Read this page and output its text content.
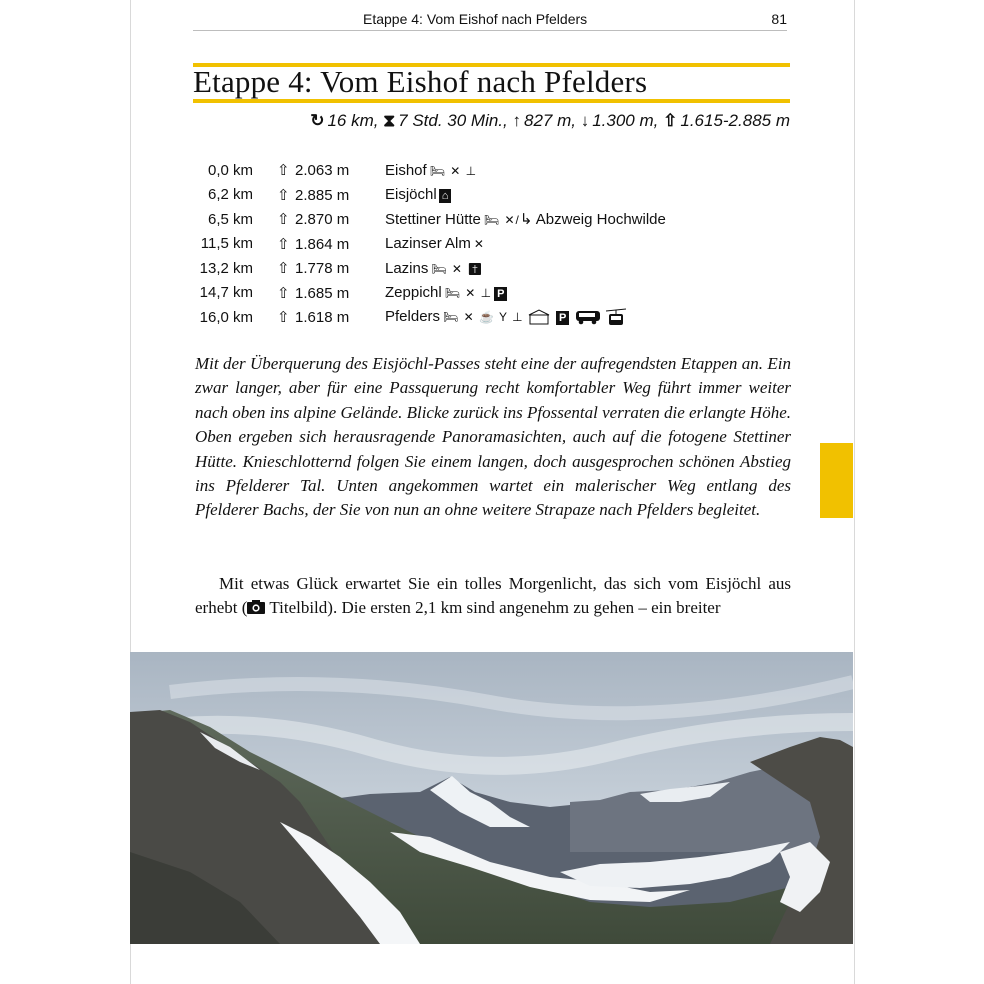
Etappe 4: Vom Eishof nach Pfelders	81
Etappe 4: Vom Eishof nach Pfelders
↻ 16 km, ⧗ 7 Std. 30 Min., ↑ 827 m, ↓ 1.300 m, ⇧ 1.615-2.885 m
0,0 km	⇧ 2.063 m	Eishof 🛏 ✕ ⊥
6,2 km	⇧ 2.885 m	Eisjöchl ⌂
6,5 km	⇧ 2.870 m	Stettiner Hütte 🛏 ✕/↳ Abzweig Hochwilde
11,5 km	⇧ 1.864 m	Lazinser Alm ✕
13,2 km	⇧ 1.778 m	Lazins 🛏 ✕ ✝
14,7 km	⇧ 1.685 m	Zeppichl 🛏 ✕ ⊥ P
16,0 km	⇧ 1.618 m	Pfelders 🛏 ✕ ☕ Y ⊥ P
Mit der Überquerung des Eisjöchl-Passes steht eine der aufregendsten Etappen an. Ein zwar langer, aber für eine Passquerung recht komfortabler Weg führt immer weiter nach oben ins alpine Gelände. Blicke zurück ins Pfossental verraten die erlangte Höhe. Oben ergeben sich herausragende Panoramasichten, auch auf die fotogene Stettiner Hütte. Knieschlotternd folgen Sie einem langen, doch ausgesprochen schönen Abstieg ins Pfelderer Tal. Unten angekommen wartet ein malerischer Weg entlang des Pfelderer Bachs, der Sie von nun an ohne weitere Strapaze nach Pfelders begleitet.

Mit etwas Glück erwartet Sie ein tolles Morgenlicht, das sich vom Eisjöchl aus erhebt ( Titelbild). Die ersten 2,1 km sind angenehm zu gehen – ein breiter
